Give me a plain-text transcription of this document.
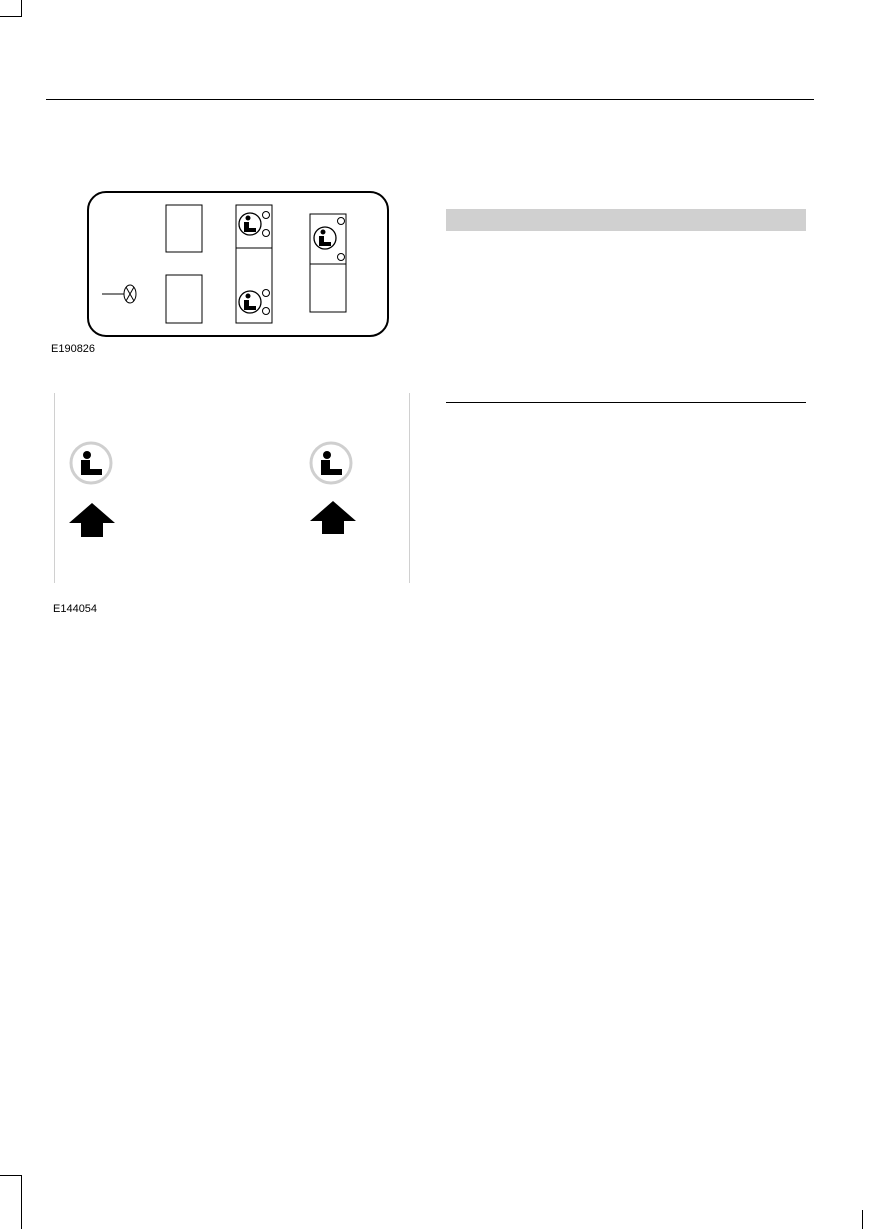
E190826
E144054
